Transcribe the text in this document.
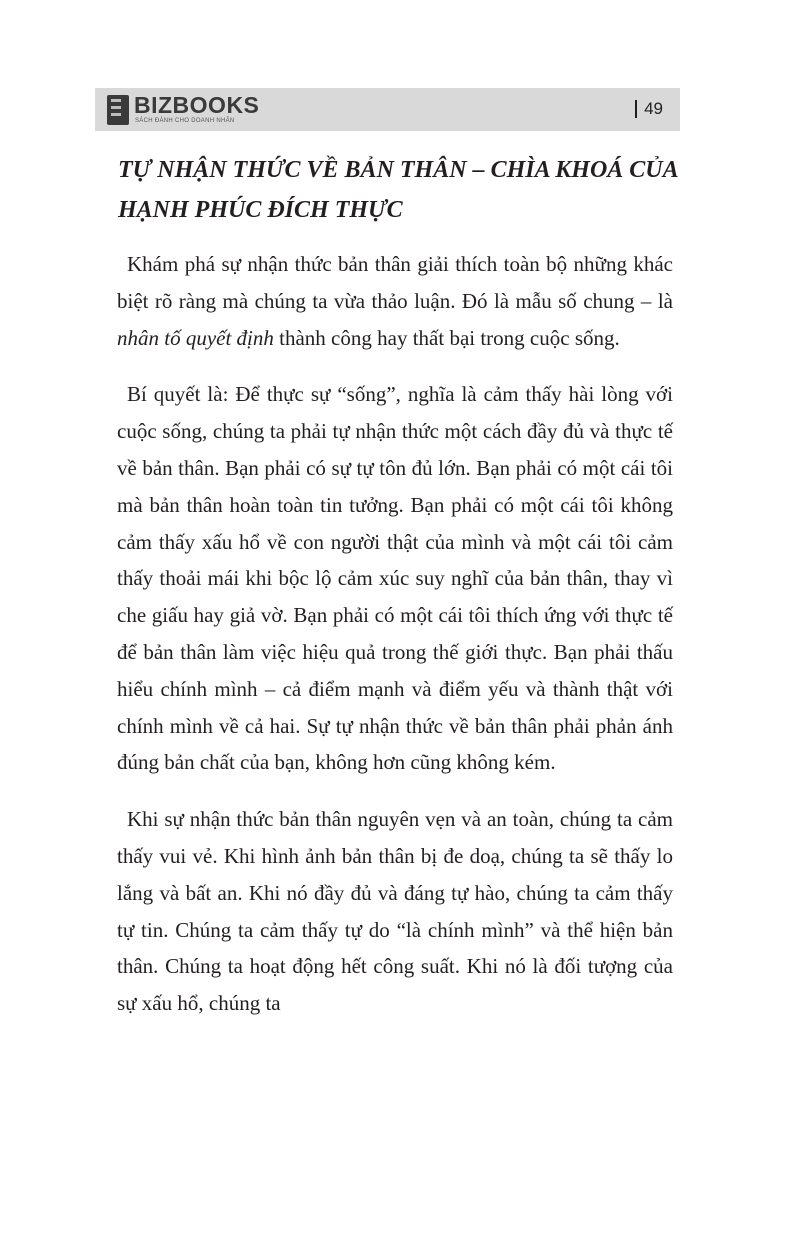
BIZBOOKS
SÁCH ĐÁNH CHO DOANH NHÂN
49
TỰ NHẬN THỨC VỀ BẢN THÂN – CHÌA KHOÁ CỦA HẠNH PHÚC ĐÍCH THỰC

Khám phá sự nhận thức bản thân giải thích toàn bộ những khác biệt rõ ràng mà chúng ta vừa thảo luận. Đó là mẫu số chung – là nhân tố quyết định thành công hay thất bại trong cuộc sống.

Bí quyết là: Để thực sự “sống”, nghĩa là cảm thấy hài lòng với cuộc sống, chúng ta phải tự nhận thức một cách đầy đủ và thực tế về bản thân. Bạn phải có sự tự tôn đủ lớn. Bạn phải có một cái tôi mà bản thân hoàn toàn tin tưởng. Bạn phải có một cái tôi không cảm thấy xấu hổ về con người thật của mình và một cái tôi cảm thấy thoải mái khi bộc lộ cảm xúc suy nghĩ của bản thân, thay vì che giấu hay giả vờ. Bạn phải có một cái tôi thích ứng với thực tế để bản thân làm việc hiệu quả trong thế giới thực. Bạn phải thấu hiểu chính mình – cả điểm mạnh và điểm yếu và thành thật với chính mình về cả hai. Sự tự nhận thức về bản thân phải phản ánh đúng bản chất của bạn, không hơn cũng không kém.

Khi sự nhận thức bản thân nguyên vẹn và an toàn, chúng ta cảm thấy vui vẻ. Khi hình ảnh bản thân bị đe doạ, chúng ta sẽ thấy lo lắng và bất an. Khi nó đầy đủ và đáng tự hào, chúng ta cảm thấy tự tin. Chúng ta cảm thấy tự do “là chính mình” và thể hiện bản thân. Chúng ta hoạt động hết công suất. Khi nó là đối tượng của sự xấu hổ, chúng ta
